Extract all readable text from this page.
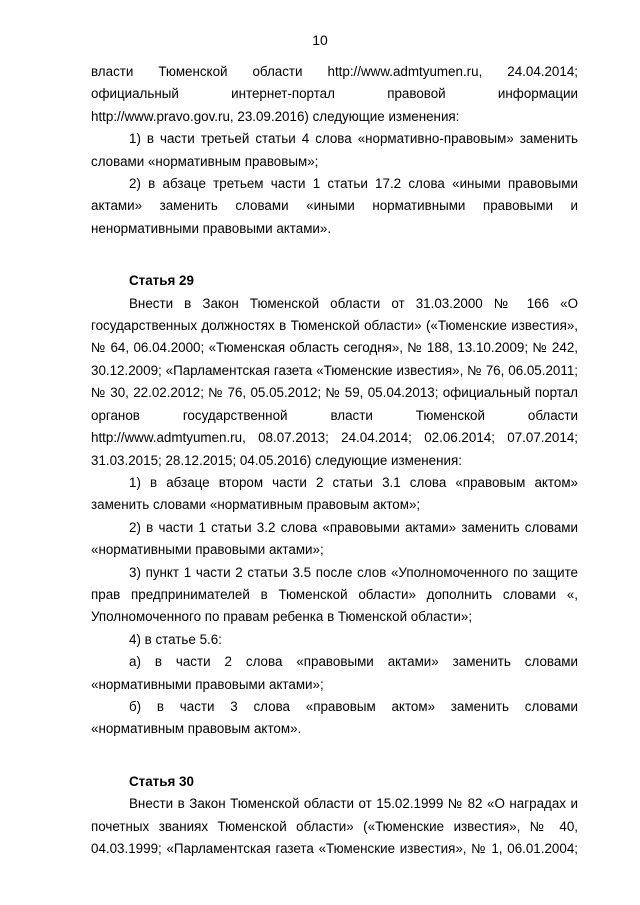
10

власти Тюменской области http://www.admtyumen.ru, 24.04.2014; официальный интернет-портал правовой информации http://www.pravo.gov.ru, 23.09.2016) следующие изменения:

1) в части третьей статьи 4 слова «нормативно-правовым» заменить словами «нормативным правовым»;

2) в абзаце третьем части 1 статьи 17.2 слова «иными правовыми актами» заменить словами «иными нормативными правовыми и ненормативными правовыми актами».

Статья 29

Внести в Закон Тюменской области от 31.03.2000 № 166 «О государственных должностях в Тюменской области» («Тюменские известия», № 64, 06.04.2000; «Тюменская область сегодня», № 188, 13.10.2009; № 242, 30.12.2009; «Парламентская газета «Тюменские известия», № 76, 06.05.2011; № 30, 22.02.2012; № 76, 05.05.2012; № 59, 05.04.2013; официальный портал органов государственной власти Тюменской области http://www.admtyumen.ru, 08.07.2013; 24.04.2014; 02.06.2014; 07.07.2014; 31.03.2015; 28.12.2015; 04.05.2016) следующие изменения:

1) в абзаце втором части 2 статьи 3.1 слова «правовым актом» заменить словами «нормативным правовым актом»;

2) в части 1 статьи 3.2 слова «правовыми актами» заменить словами «нормативными правовыми актами»;

3) пункт 1 части 2 статьи 3.5 после слов «Уполномоченного по защите прав предпринимателей в Тюменской области» дополнить словами «, Уполномоченного по правам ребенка в Тюменской области»;

4) в статье 5.6:

а) в части 2 слова «правовыми актами» заменить словами «нормативными правовыми актами»;

б) в части 3 слова «правовым актом» заменить словами «нормативным правовым актом».

Статья 30

Внести в Закон Тюменской области от 15.02.1999 № 82 «О наградах и почетных званиях Тюменской области» («Тюменские известия», № 40, 04.03.1999; «Парламентская газета «Тюменские известия», № 1, 06.01.2004;
